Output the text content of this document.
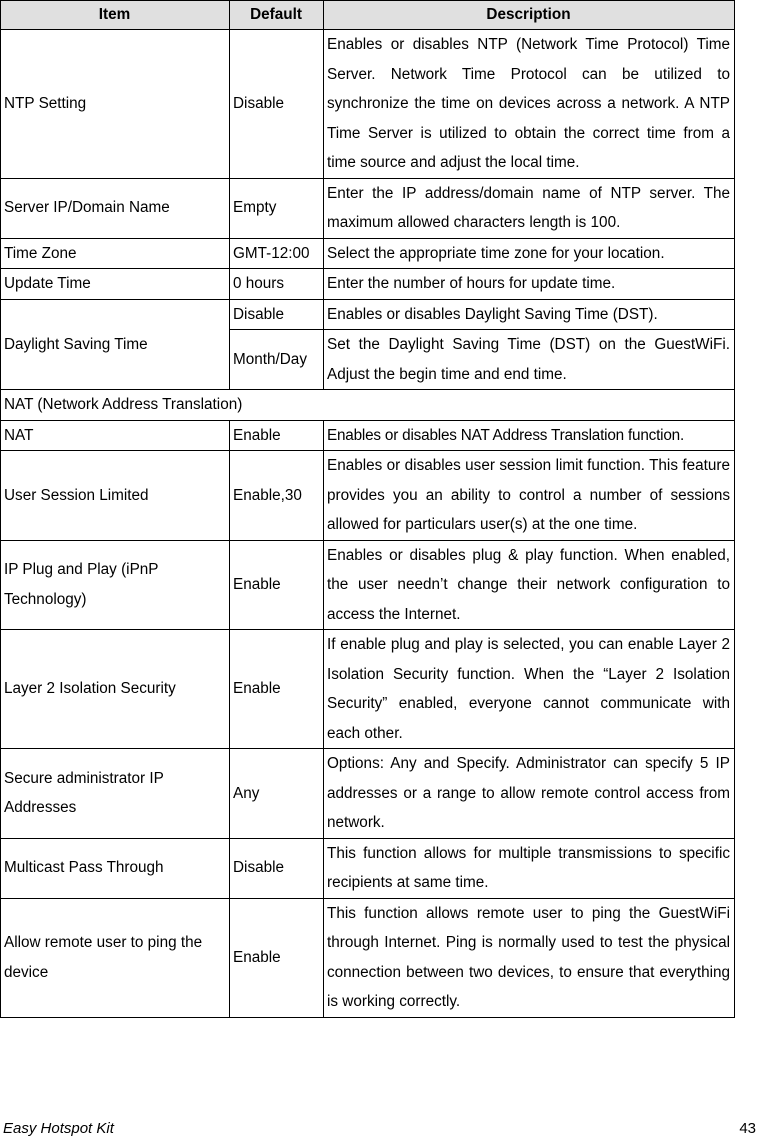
Item	Default	Description
NTP Setting	Disable	Enables or disables NTP (Network Time Protocol) Time Server. Network Time Protocol can be utilized to synchronize the time on devices across a network. A NTP Time Server is utilized to obtain the correct time from a time source and adjust the local time.
Server IP/Domain Name	Empty	Enter the IP address/domain name of NTP server. The maximum allowed characters length is 100.
Time Zone	GMT-12:00	Select the appropriate time zone for your location.
Update Time	0 hours	Enter the number of hours for update time.
Daylight Saving Time	Disable	Enables or disables Daylight Saving Time (DST).
	Month/Day	Set the Daylight Saving Time (DST) on the GuestWiFi. Adjust the begin time and end time.
NAT (Network Address Translation)		
NAT	Enable	Enables or disables NAT Address Translation function.
User Session Limited	Enable,30	Enables or disables user session limit function. This feature provides you an ability to control a number of sessions allowed for particulars user(s) at the one time.
IP Plug and Play (iPnP Technology)	Enable	Enables or disables plug & play function. When enabled, the user needn’t change their network configuration to access the Internet.
Layer 2 Isolation Security	Enable	If enable plug and play is selected, you can enable Layer 2 Isolation Security function. When the “Layer 2 Isolation Security” enabled, everyone cannot communicate with each other.
Secure administrator IP Addresses	Any	Options: Any and Specify. Administrator can specify 5 IP addresses or a range to allow remote control access from network.
Multicast Pass Through	Disable	This function allows for multiple transmissions to specific recipients at same time.
Allow remote user to ping the device	Enable	This function allows remote user to ping the GuestWiFi through Internet. Ping is normally used to test the physical connection between two devices, to ensure that everything is working correctly.
Easy Hotspot Kit	43
